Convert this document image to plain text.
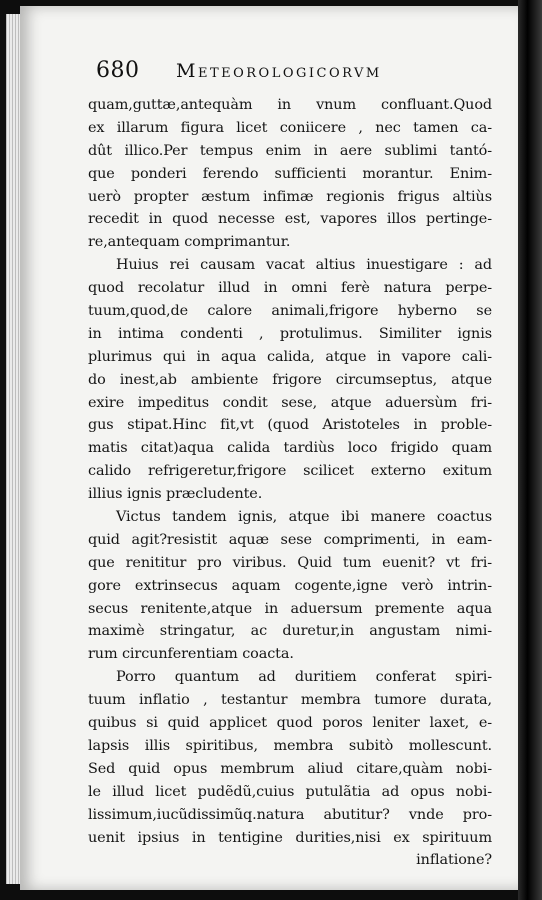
680 Meteorologicorvm
quam,guttæ,antequàm in vnum confluant.Quod
ex illarum figura licet coniicere , nec tamen ca-
dût illico.Per tempus enim in aere sublimi tantó-
que ponderi ferendo sufficienti morantur. Enim-
uerò propter æstum infimæ regionis frigus altiùs
recedit in quod necesse est, vapores illos pertinge-
re,antequam comprimantur.
Huius rei causam vacat altius inuestigare : ad
quod recolatur illud in omni ferè natura perpe-
tuum,quod,de calore animali,frigore hyberno se
in intima condenti , protulimus. Similiter ignis
plurimus qui in aqua calida, atque in vapore cali-
do inest,ab ambiente frigore circumseptus, atque
exire impeditus condit sese, atque aduersùm fri-
gus stipat.Hinc fit,vt (quod Aristoteles in proble-
matis citat)aqua calida tardiùs loco frigido quam
calido refrigeretur,frigore scilicet externo exitum
illius ignis præcludente.
Victus tandem ignis, atque ibi manere coactus
quid agit?resistit aquæ sese comprimenti, in eam-
que renititur pro viribus. Quid tum euenit? vt fri-
gore extrinsecus aquam cogente,igne verò intrin-
secus renitente,atque in aduersum premente aqua
maximè stringatur, ac duretur,in angustam nimi-
rum circunferentiam coacta.
Porro quantum ad duritiem conferat spiri-
tuum inflatio , testantur membra tumore durata,
quibus si quid applicet quod poros leniter laxet, e-
lapsis illis spiritibus, membra subitò mollescunt.
Sed quid opus membrum aliud citare,quàm nobi-
le illud licet pudẽdũ,cuius putulãtia ad opus nobi-
lissimum,iucũdissimũq.natura abutitur? vnde pro-
uenit ipsius in tentigine durities,nisi ex spirituum
inflatione?
